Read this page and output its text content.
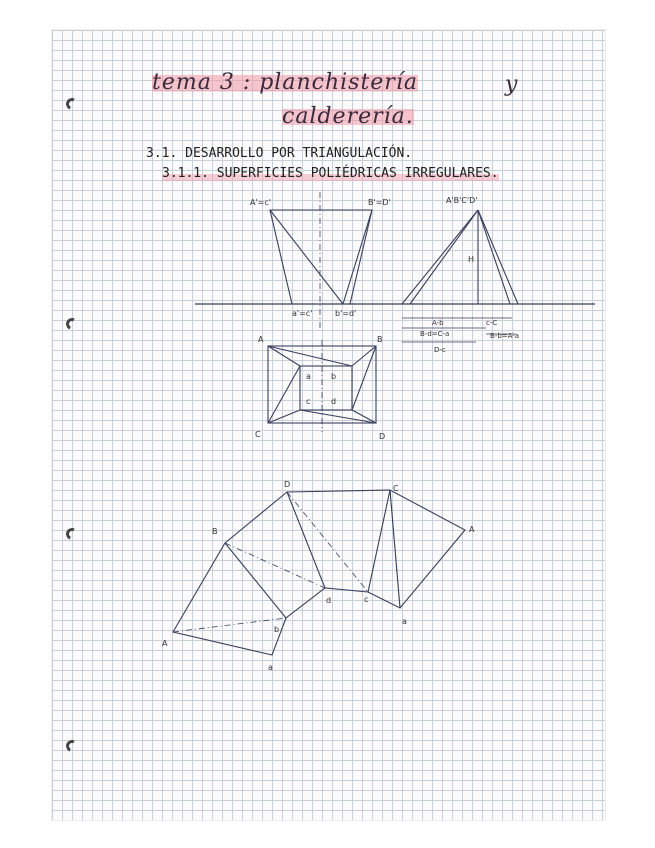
tema 3 : planchistería	y
calderería.
3.1. DESARROLLO POR TRIANGULACIÓN.
3.1.1. SUPERFICIES POLIÉDRICAS IRREGULARES.
A'=c'	B'=D'
a'=c'	b'=d'
A'B'C'D'
H
A-b	c-C
B-d=C-a	B-b=A-a
D-c
A	B
C	D
a	b
c	d
D	C
B	A
A
d	c
b
a
a
